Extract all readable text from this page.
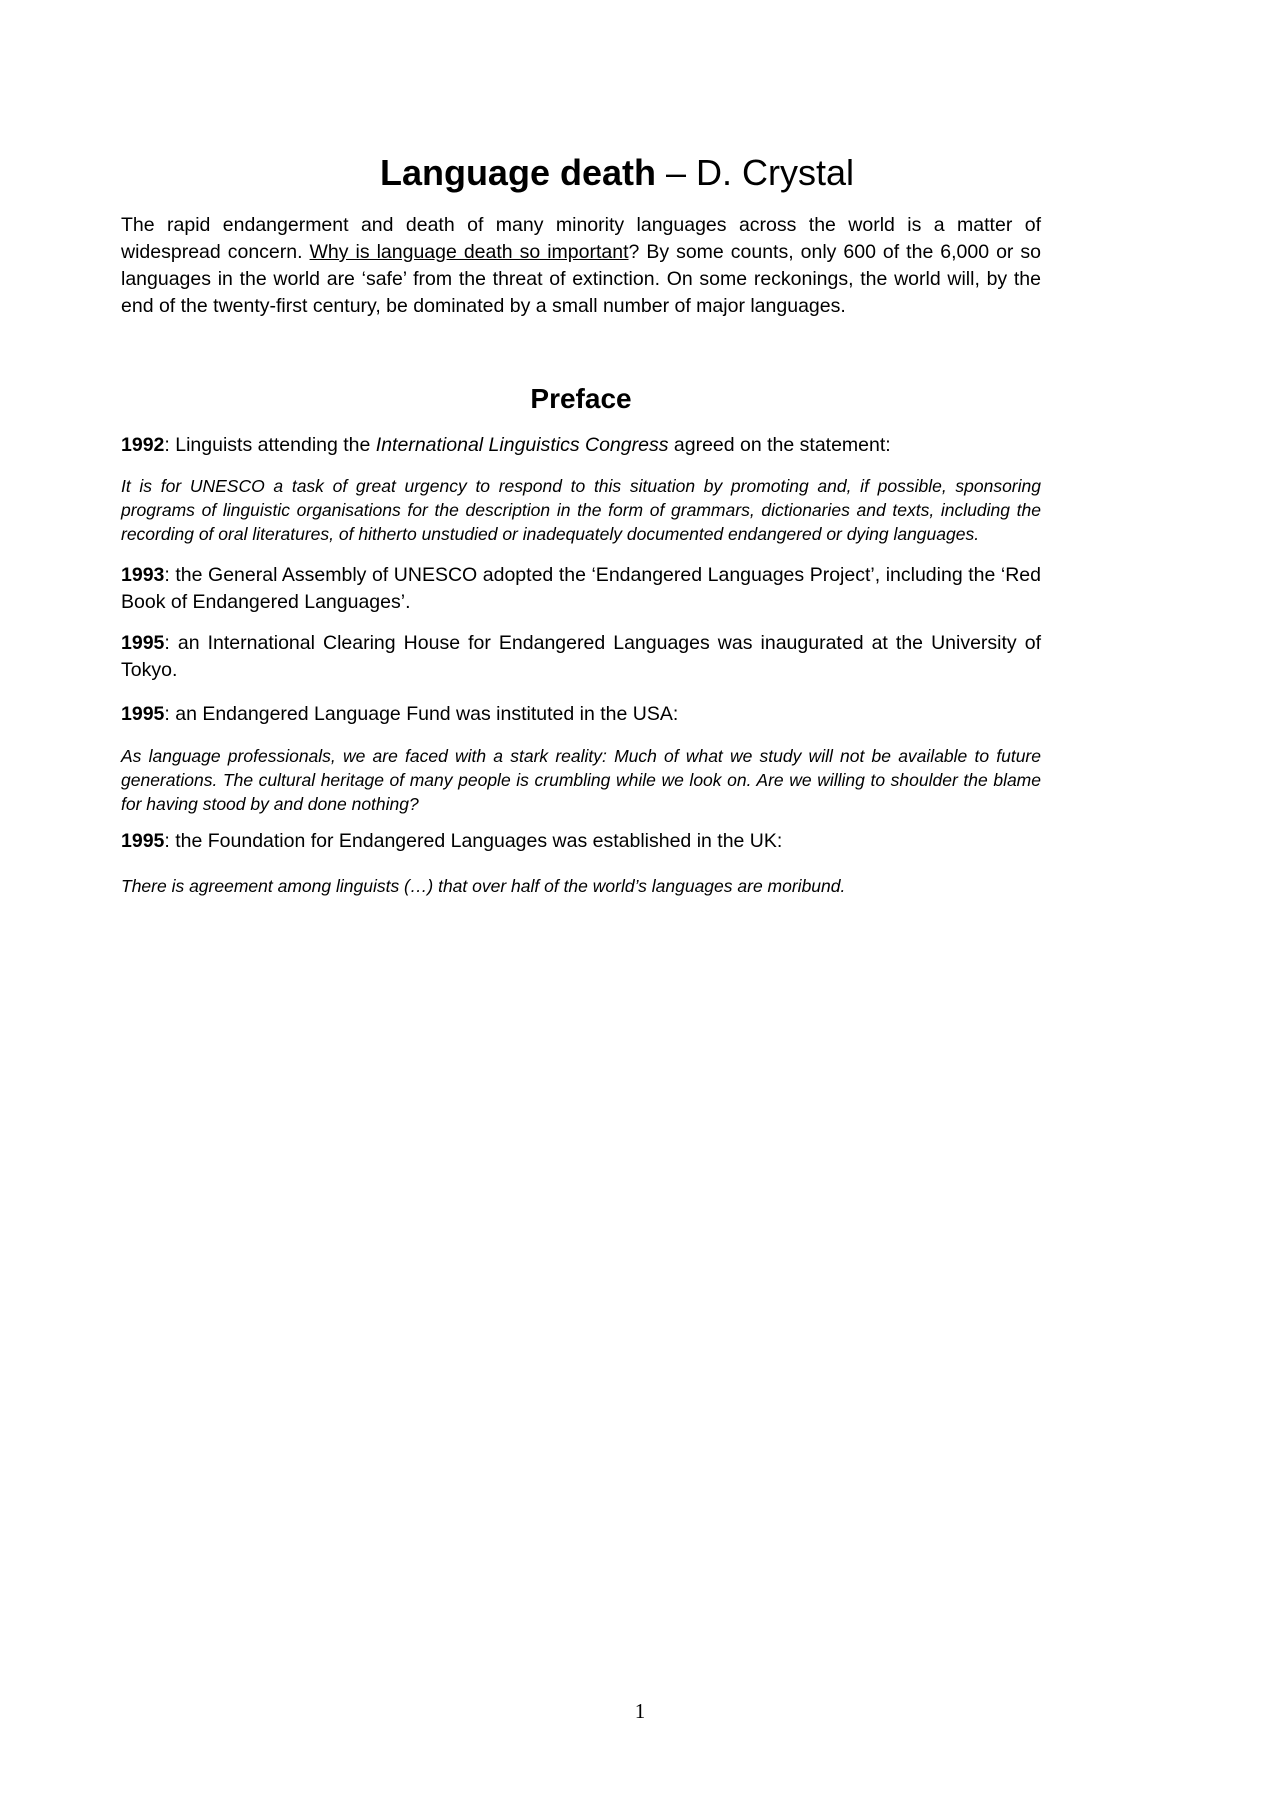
Language death – D. Crystal

The rapid endangerment and death of many minority languages across the world is a matter of widespread concern. Why is language death so important? By some counts, only 600 of the 6,000 or so languages in the world are ‘safe’ from the threat of extinction. On some reckonings, the world will, by the end of the twenty-first century, be dominated by a small number of major languages.

Preface

1992: Linguists attending the International Linguistics Congress agreed on the statement:

It is for UNESCO a task of great urgency to respond to this situation by promoting and, if possible, sponsoring programs of linguistic organisations for the description in the form of grammars, dictionaries and texts, including the recording of oral literatures, of hitherto unstudied or inadequately documented endangered or dying languages.

1993: the General Assembly of UNESCO adopted the ‘Endangered Languages Project’, including the ‘Red Book of Endangered Languages’.

1995: an International Clearing House for Endangered Languages was inaugurated at the University of Tokyo.

1995: an Endangered Language Fund was instituted in the USA:

As language professionals, we are faced with a stark reality: Much of what we study will not be available to future generations. The cultural heritage of many people is crumbling while we look on. Are we willing to shoulder the blame for having stood by and done nothing?

1995: the Foundation for Endangered Languages was established in the UK:

There is agreement among linguists (…) that over half of the world’s languages are moribund.

1
